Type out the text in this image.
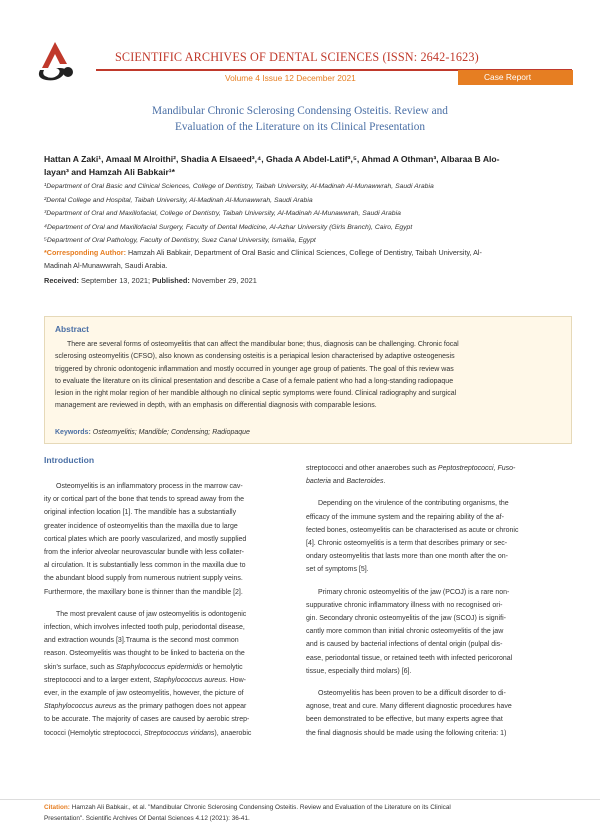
SCIENTIFIC ARCHIVES OF DENTAL SCIENCES (ISSN: 2642-1623)
Volume 4 Issue 12 December 2021	Case Report
Mandibular Chronic Sclerosing Condensing Osteitis. Review and
Evaluation of the Literature on its Clinical Presentation
Hattan A Zaki¹, Amaal M Alroithi², Shadia A Elsaeed³,⁴, Ghada A Abdel-Latif³,⁵, Ahmad A Othman³, Albaraa B Alo-
layan³ and Hamzah Ali Babkair¹*
¹Department of Oral Basic and Clinical Sciences, College of Dentistry, Taibah University, Al-Madinah Al-Munawwrah, Saudi Arabia
²Dental College and Hospital, Taibah University, Al-Madinah Al-Munawwrah, Saudi Arabia
³Department of Oral and Maxillofacial, College of Dentistry, Taibah University, Al-Madinah Al-Munawwrah, Saudi Arabia
⁴Department of Oral and Maxillofacial Surgery, Faculty of Dental Medicine, Al-Azhar University (Girls Branch), Cairo, Egypt
⁵Department of Oral Pathology, Faculty of Dentistry, Suez Canal University, Ismailia, Egypt
*Corresponding Author: Hamzah Ali Babkair, Department of Oral Basic and Clinical Sciences, College of Dentistry, Taibah University, Al-
Madinah Al-Munawwrah, Saudi Arabia.
Received: September 13, 2021; Published: November 29, 2021
Abstract
There are several forms of osteomyelitis that can affect the mandibular bone; thus, diagnosis can be challenging. Chronic focal
sclerosing osteomyelitis (CFSO), also known as condensing osteitis is a periapical lesion characterised by adaptive osteogenesis
triggered by chronic odontogenic inflammation and mostly occurred in younger age group of patients. The goal of this review was
to evaluate the literature on its clinical presentation and describe a Case of a female patient who had a long-standing radiopaque
lesion in the right molar region of her mandible although no clinical septic symptoms were found. Clinical radiography and surgical
management are reviewed in depth, with an emphasis on differential diagnosis with comparable lesions.
Keywords: Osteomyelitis; Mandible; Condensing; Radiopaque
Introduction
Osteomyelitis is an inflammatory process in the marrow cav-
ity or cortical part of the bone that tends to spread away from the
original infection location [1]. The mandible has a substantially
greater incidence of osteomyelitis than the maxilla due to large
cortical plates which are poorly vascularized, and mostly supplied
from the inferior alveolar neurovascular bundle with less collater-
al circulation. It is substantially less common in the maxilla due to
the abundant blood supply from numerous nutrient supply veins.
Furthermore, the maxillary bone is thinner than the mandible [2].
The most prevalent cause of jaw osteomyelitis is odontogenic
infection, which involves infected tooth pulp, periodontal disease,
and extraction wounds [3].Trauma is the second most common
reason. Osteomyelitis was thought to be linked to bacteria on the
skin's surface, such as Staphylococcus epidermidis or hemolytic
streptococci and to a larger extent, Staphylococcus aureus. How-
ever, in the example of jaw osteomyelitis, however, the picture of
Staphylococcus aureus as the primary pathogen does not appear
to be accurate. The majority of cases are caused by aerobic strep-
tococci (Hemolytic streptococci, Streptococcus viridans), anaerobic
streptococci and other anaerobes such as Peptostreptococci, Fuso-
bacteria and Bacteroides.
Depending on the virulence of the contributing organisms, the
efficacy of the immune system and the repairing ability of the af-
fected bones, osteomyelitis can be characterised as acute or chronic
[4]. Chronic osteomyelitis is a term that describes primary or sec-
ondary osteomyelitis that lasts more than one month after the on-
set of symptoms [5].
Primary chronic osteomyelitis of the jaw (PCOJ) is a rare non-
suppurative chronic inflammatory illness with no recognised ori-
gin. Secondary chronic osteomyelitis of the jaw (SCOJ) is signifi-
cantly more common than initial chronic osteomyelitis of the jaw
and is caused by bacterial infections of dental origin (pulpal dis-
ease, periodontal tissue, or retained teeth with infected pericoronal
tissue, especially third molars) [6].
Osteomyelitis has been proven to be a difficult disorder to di-
agnose, treat and cure. Many different diagnostic procedures have
been demonstrated to be effective, but many experts agree that
the final diagnosis should be made using the following criteria: 1)
Citation: Hamzah Ali Babkair., et al. "Mandibular Chronic Sclerosing Condensing Osteitis. Review and Evaluation of the Literature on its Clinical
Presentation". Scientific Archives Of Dental Sciences 4.12 (2021): 36-41.
